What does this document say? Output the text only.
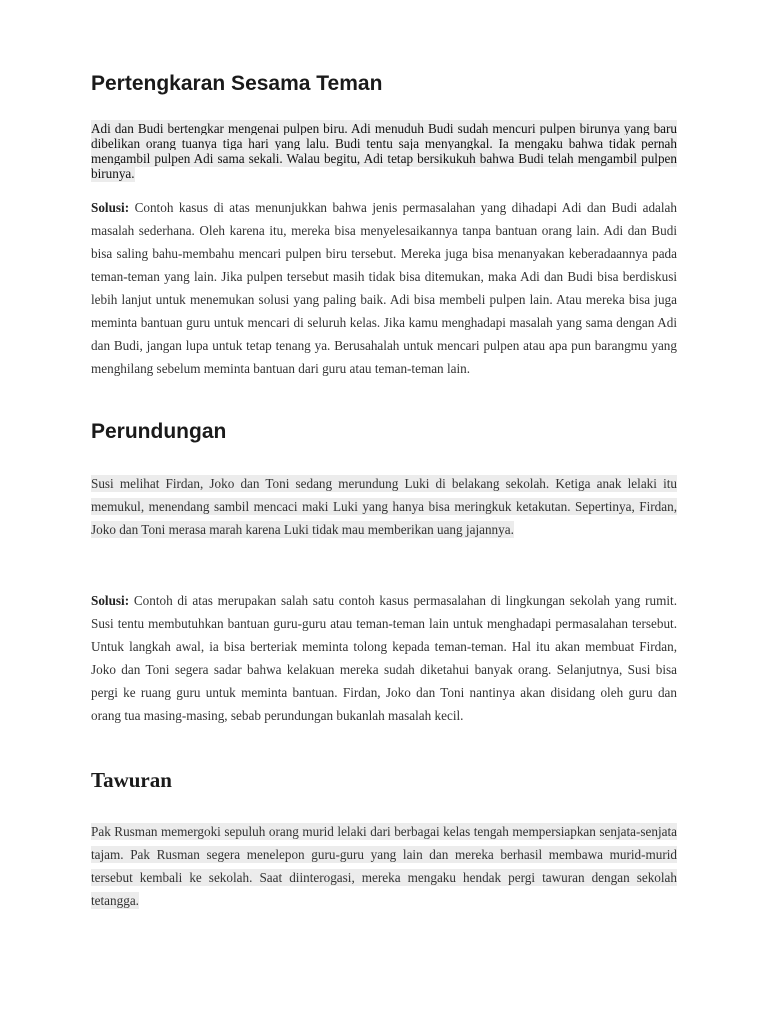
Pertengkaran Sesama Teman

Adi dan Budi bertengkar mengenai pulpen biru. Adi menuduh Budi sudah mencuri pulpen birunya yang baru dibelikan orang tuanya tiga hari yang lalu. Budi tentu saja menyangkal. Ia mengaku bahwa tidak pernah mengambil pulpen Adi sama sekali. Walau begitu, Adi tetap bersikukuh bahwa Budi telah mengambil pulpen birunya.

Solusi: Contoh kasus di atas menunjukkan bahwa jenis permasalahan yang dihadapi Adi dan Budi adalah masalah sederhana. Oleh karena itu, mereka bisa menyelesaikannya tanpa bantuan orang lain. Adi dan Budi bisa saling bahu-membahu mencari pulpen biru tersebut. Mereka juga bisa menanyakan keberadaannya pada teman-teman yang lain. Jika pulpen tersebut masih tidak bisa ditemukan, maka Adi dan Budi bisa berdiskusi lebih lanjut untuk menemukan solusi yang paling baik. Adi bisa membeli pulpen lain. Atau mereka bisa juga meminta bantuan guru untuk mencari di seluruh kelas. Jika kamu menghadapi masalah yang sama dengan Adi dan Budi, jangan lupa untuk tetap tenang ya. Berusahalah untuk mencari pulpen atau apa pun barangmu yang menghilang sebelum meminta bantuan dari guru atau teman-teman lain.

Perundungan

Susi melihat Firdan, Joko dan Toni sedang merundung Luki di belakang sekolah. Ketiga anak lelaki itu memukul, menendang sambil mencaci maki Luki yang hanya bisa meringkuk ketakutan. Sepertinya, Firdan, Joko dan Toni merasa marah karena Luki tidak mau memberikan uang jajannya.

Solusi: Contoh di atas merupakan salah satu contoh kasus permasalahan di lingkungan sekolah yang rumit. Susi tentu membutuhkan bantuan guru-guru atau teman-teman lain untuk menghadapi permasalahan tersebut. Untuk langkah awal, ia bisa berteriak meminta tolong kepada teman-teman. Hal itu akan membuat Firdan, Joko dan Toni segera sadar bahwa kelakuan mereka sudah diketahui banyak orang. Selanjutnya, Susi bisa pergi ke ruang guru untuk meminta bantuan. Firdan, Joko dan Toni nantinya akan disidang oleh guru dan orang tua masing-masing, sebab perundungan bukanlah masalah kecil.

Tawuran

Pak Rusman memergoki sepuluh orang murid lelaki dari berbagai kelas tengah mempersiapkan senjata-senjata tajam. Pak Rusman segera menelepon guru-guru yang lain dan mereka berhasil membawa murid-murid tersebut kembali ke sekolah. Saat diinterogasi, mereka mengaku hendak pergi tawuran dengan sekolah tetangga.
